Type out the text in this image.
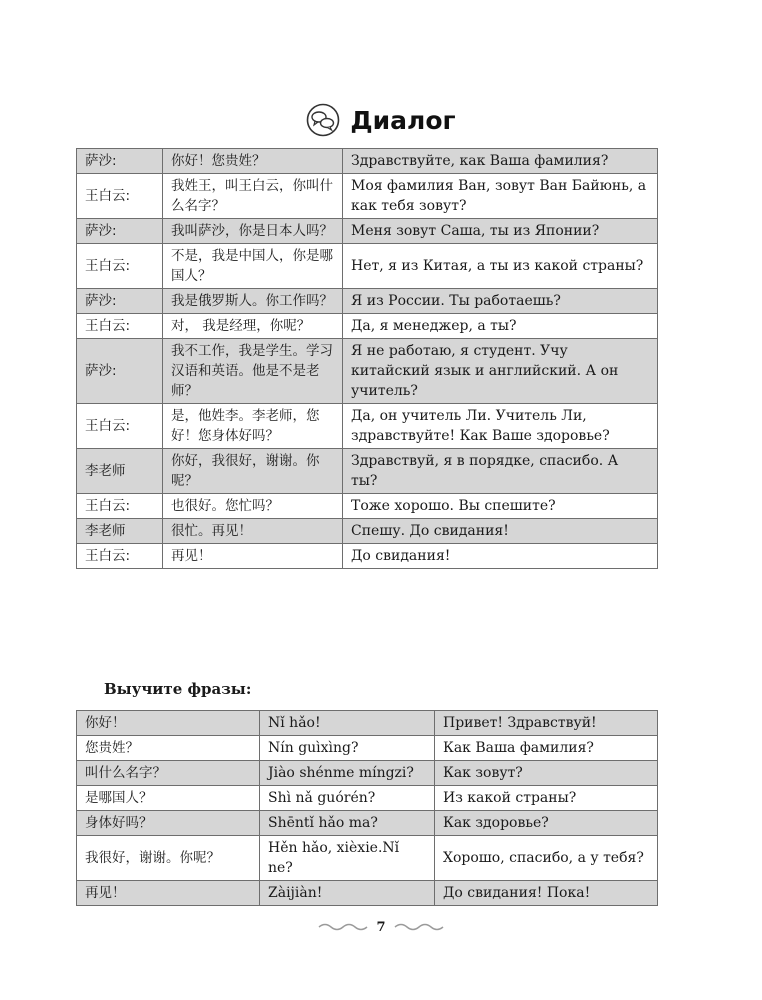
Диалог
萨沙:	你好！您贵姓？	Здравствуйте, как Ваша фамилия?
王白云:	我姓王，叫王白云，你叫什么名字？	Моя фамилия Ван, зовут Ван Байюнь, а как тебя зовут?
萨沙:	我叫萨沙，你是日本人吗？	Меня зовут Саша, ты из Японии?
王白云:	不是，我是中国人，你是哪国人？	Нет, я из Китая, а ты из какой страны?
萨沙:	我是俄罗斯人。你工作吗？	Я из России. Ты работаешь?
王白云:	对， 我是经理，你呢？	Да, я менеджер, а ты?
萨沙:	我不工作，我是学生。学习汉语和英语。他是不是老师？	Я не работаю, я студент. Учу китайский язык и английский. А он учитель?
王白云:	是，他姓李。李老师，您好！您身体好吗？	Да, он учитель Ли. Учитель Ли, здравствуйте! Как Ваше здоровье?
李老师	你好，我很好，谢谢。你呢？	Здравствуй, я в порядке, спасибо. А ты?
王白云:	也很好。您忙吗？	Тоже хорошо. Вы спешите?
李老师	很忙。再见！	Спешу. До свидания!
王白云:	再见！	До свидания!
Выучите фразы:
你好！	Nǐ hǎo!	Привет! Здравствуй!
您贵姓？	Nín guìxìng?	Как Ваша фамилия?
叫什么名字？	Jiào shénme míngzi?	Как зовут?
是哪国人？	Shì nǎ guórén?	Из какой страны?
身体好吗？	Shēntǐ hǎo ma?	Как здоровье?
我很好，谢谢。你呢？	Hěn hǎo, xièxie.Nǐ ne?	Хорошо, спасибо, а у тебя?
再见！	Zàijiàn!	До свидания! Пока!
7
